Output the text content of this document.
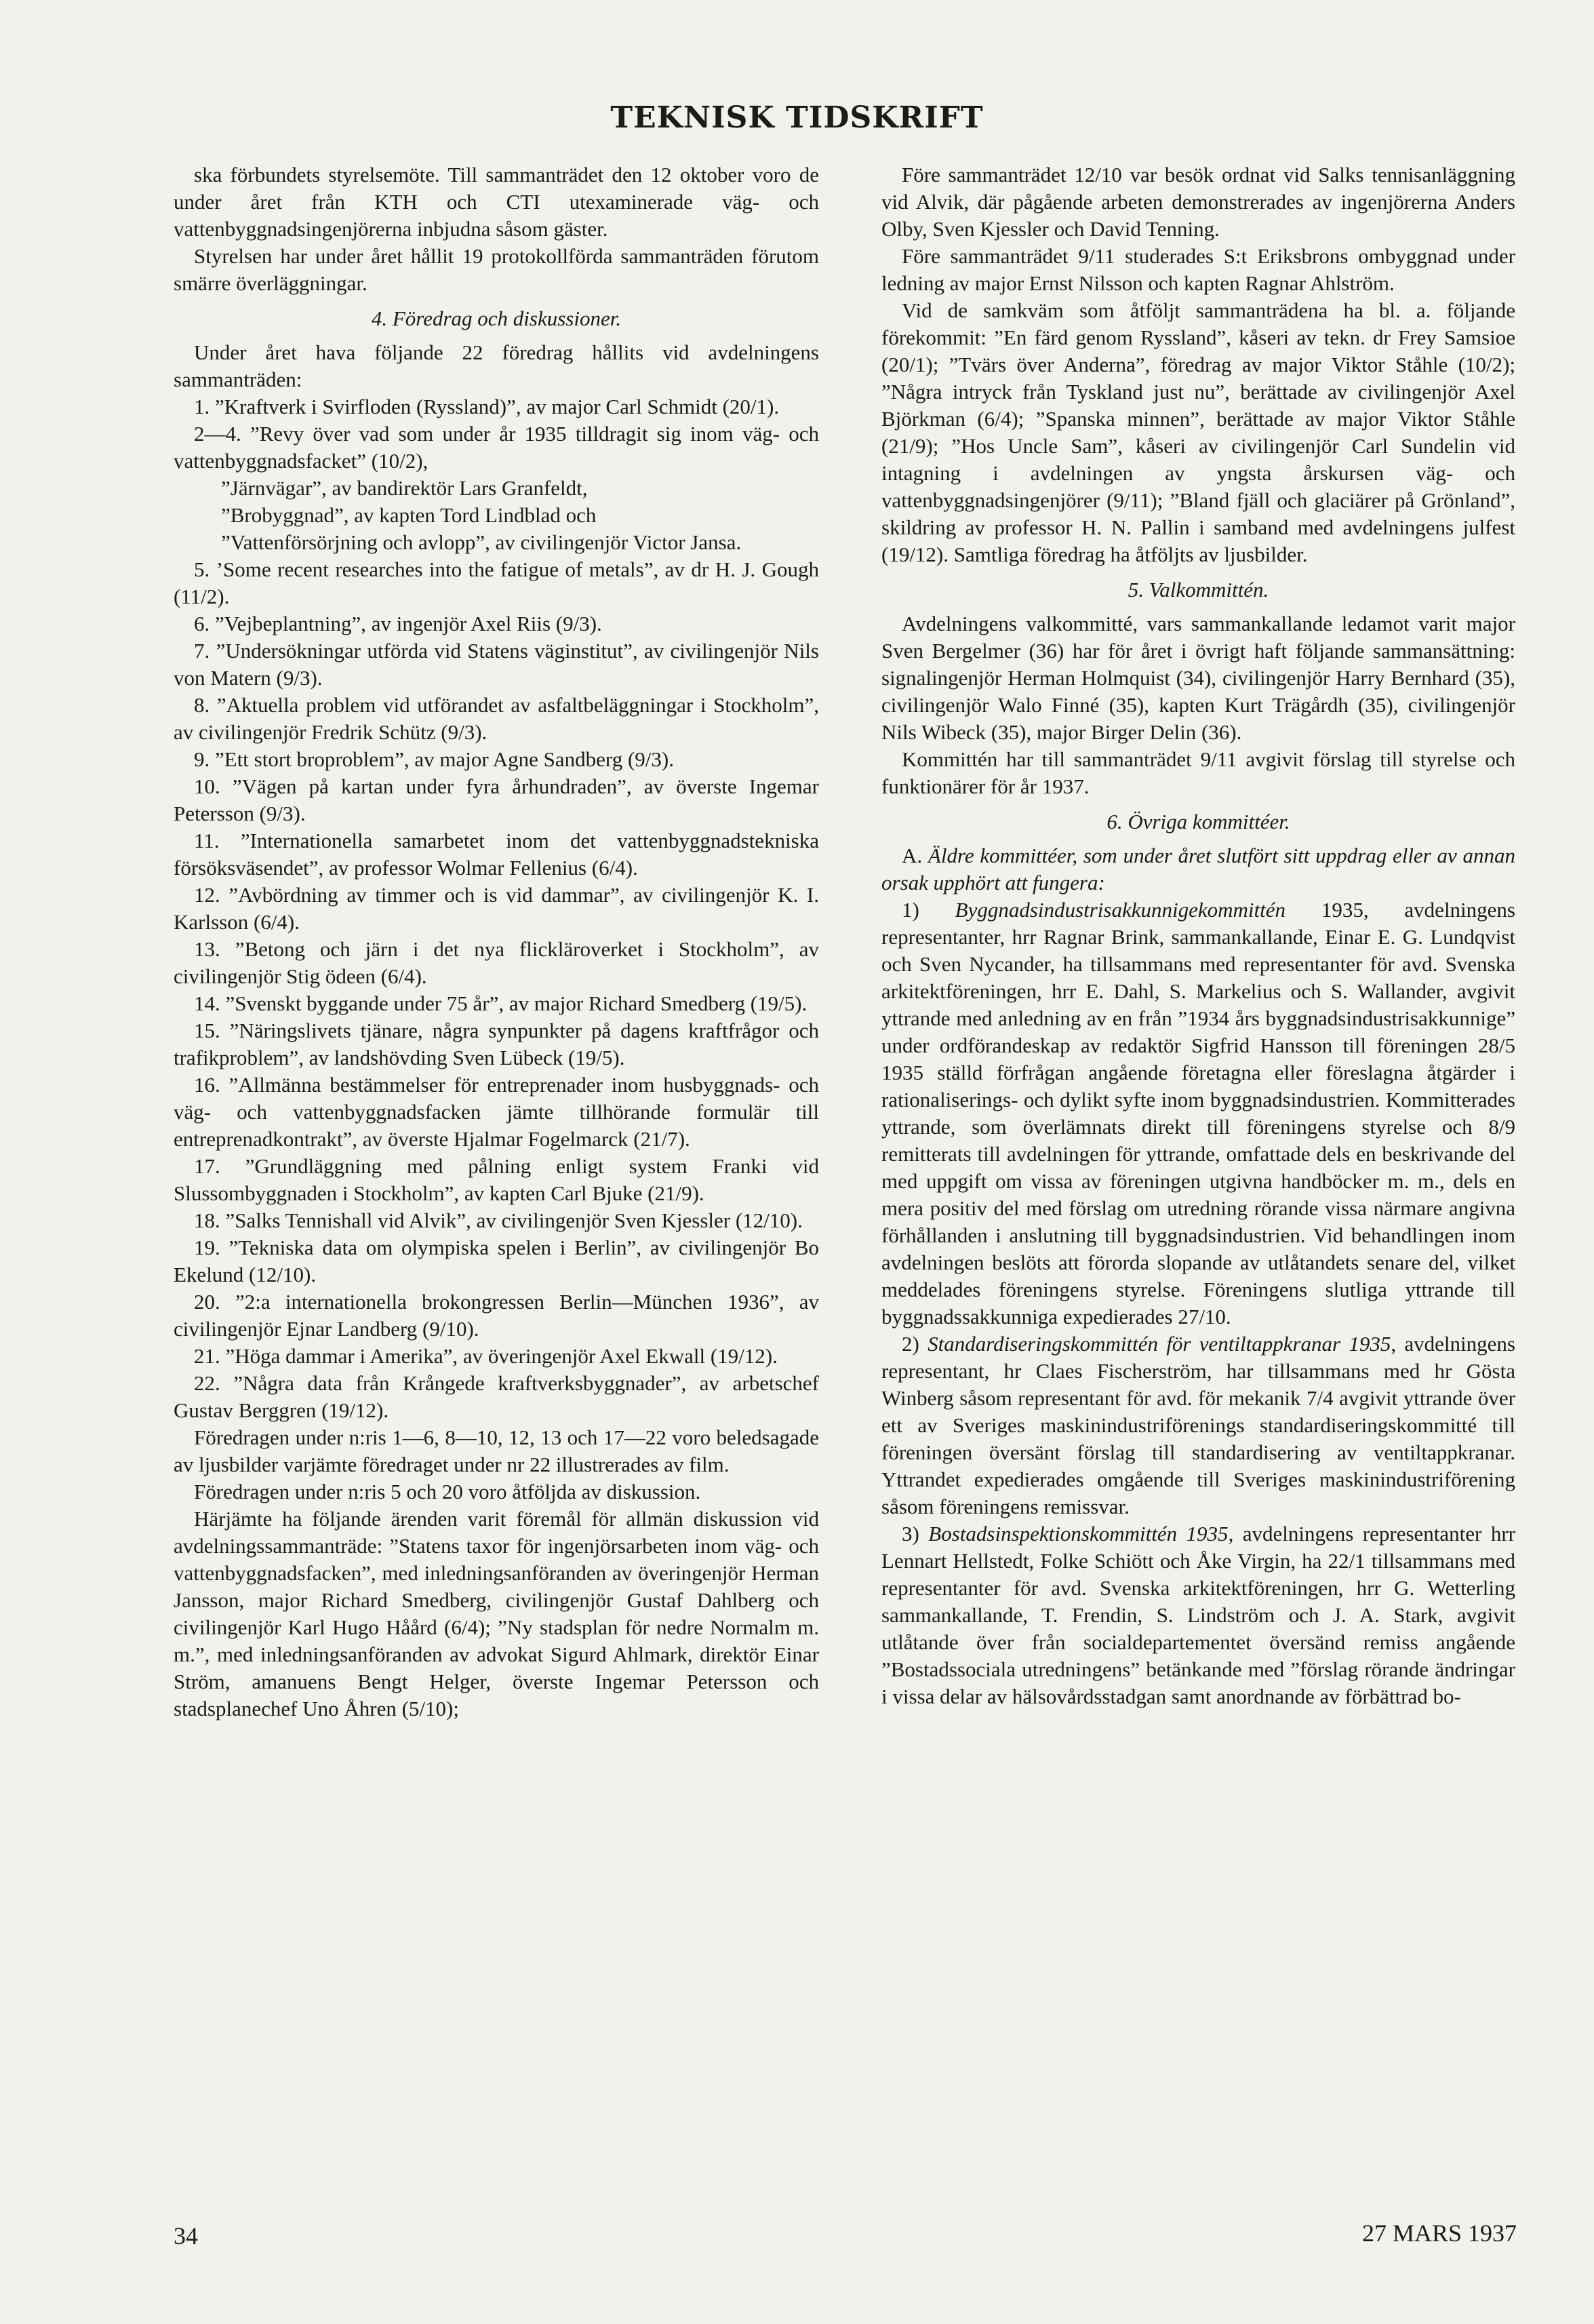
TEKNISK TIDSKRIFT

ska förbundets styrelsemöte. Till sammanträdet den 12 oktober voro de under året från KTH och CTI utexaminerade väg- och vattenbyggnadsingenjörerna inbjudna såsom gäster.

Styrelsen har under året hållit 19 protokollförda sammanträden förutom smärre överläggningar.

4. Föredrag och diskussioner.

Under året hava följande 22 föredrag hållits vid avdelningens sammanträden:

1. ”Kraftverk i Svirfloden (Ryssland)”, av major Carl Schmidt (20/1).

2—4. ”Revy över vad som under år 1935 tilldragit sig inom väg- och vattenbyggnadsfacket” (10/2),

”Järnvägar”, av bandirektör Lars Granfeldt,

”Brobyggnad”, av kapten Tord Lindblad och

”Vattenförsörjning och avlopp”, av civilingenjör Victor Jansa.

5. ’Some recent researches into the fatigue of metals”, av dr H. J. Gough (11/2).

6. ”Vejbeplantning”, av ingenjör Axel Riis (9/3).

7. ”Undersökningar utförda vid Statens väginstitut”, av civilingenjör Nils von Matern (9/3).

8. ”Aktuella problem vid utförandet av asfaltbeläggningar i Stockholm”, av civilingenjör Fredrik Schütz (9/3).

9. ”Ett stort broproblem”, av major Agne Sandberg (9/3).

10. ”Vägen på kartan under fyra århundraden”, av överste Ingemar Petersson (9/3).

11. ”Internationella samarbetet inom det vattenbyggnadstekniska försöksväsendet”, av professor Wolmar Fellenius (6/4).

12. ”Avbördning av timmer och is vid dammar”, av civilingenjör K. I. Karlsson (6/4).

13. ”Betong och järn i det nya flickläroverket i Stockholm”, av civilingenjör Stig ödeen (6/4).

14. ”Svenskt byggande under 75 år”, av major Richard Smedberg (19/5).

15. ”Näringslivets tjänare, några synpunkter på dagens kraftfrågor och trafikproblem”, av landshövding Sven Lübeck (19/5).

16. ”Allmänna bestämmelser för entreprenader inom husbyggnads- och väg- och vattenbyggnadsfacken jämte tillhörande formulär till entreprenadkontrakt”, av överste Hjalmar Fogelmarck (21/7).

17. ”Grundläggning med pålning enligt system Franki vid Slussombyggnaden i Stockholm”, av kapten Carl Bjuke (21/9).

18. ”Salks Tennishall vid Alvik”, av civilingenjör Sven Kjessler (12/10).

19. ”Tekniska data om olympiska spelen i Berlin”, av civilingenjör Bo Ekelund (12/10).

20. ”2:a internationella brokongressen Berlin—München 1936”, av civilingenjör Ejnar Landberg (9/10).

21. ”Höga dammar i Amerika”, av överingenjör Axel Ekwall (19/12).

22. ”Några data från Krångede kraftverksbyggnader”, av arbetschef Gustav Berggren (19/12).

Föredragen under n:ris 1—6, 8—10, 12, 13 och 17—22 voro beledsagade av ljusbilder varjämte föredraget under nr 22 illustrerades av film.

Föredragen under n:ris 5 och 20 voro åtföljda av diskussion.

Härjämte ha följande ärenden varit föremål för allmän diskussion vid avdelningssammanträde: ”Statens taxor för ingenjörsarbeten inom väg- och vattenbyggnadsfacken”, med inledningsanföranden av överingenjör Herman Jansson, major Richard Smedberg, civilingenjör Gustaf Dahlberg och civilingenjör Karl Hugo Håård (6/4); ”Ny stadsplan för nedre Normalm m. m.”, med inledningsanföranden av advokat Sigurd Ahlmark, direktör Einar Ström, amanuens Bengt Helger, överste Ingemar Petersson och stadsplanechef Uno Åhren (5/10);

Före sammanträdet 12/10 var besök ordnat vid Salks tennisanläggning vid Alvik, där pågående arbeten demonstrerades av ingenjörerna Anders Olby, Sven Kjessler och David Tenning.

Före sammanträdet 9/11 studerades S:t Eriksbrons ombyggnad under ledning av major Ernst Nilsson och kapten Ragnar Ahlström.

Vid de samkväm som åtföljt sammanträdena ha bl. a. följande förekommit: ”En färd genom Ryssland”, kåseri av tekn. dr Frey Samsioe (20/1); ”Tvärs över Anderna”, föredrag av major Viktor Ståhle (10/2); ”Några intryck från Tyskland just nu”, berättade av civilingenjör Axel Björkman (6/4); ”Spanska minnen”, berättade av major Viktor Ståhle (21/9); ”Hos Uncle Sam”, kåseri av civilingenjör Carl Sundelin vid intagning i avdelningen av yngsta årskursen väg- och vattenbyggnadsingenjörer (9/11); ”Bland fjäll och glaciärer på Grönland”, skildring av professor H. N. Pallin i samband med avdelningens julfest (19/12). Samtliga föredrag ha åtföljts av ljusbilder.

5. Valkommittén.

Avdelningens valkommitté, vars sammankallande ledamot varit major Sven Bergelmer (36) har för året i övrigt haft följande sammansättning: signalingenjör Herman Holmquist (34), civilingenjör Harry Bernhard (35), civilingenjör Walo Finné (35), kapten Kurt Trägårdh (35), civilingenjör Nils Wibeck (35), major Birger Delin (36).

Kommittén har till sammanträdet 9/11 avgivit förslag till styrelse och funktionärer för år 1937.

6. Övriga kommittéer.

A. Äldre kommittéer, som under året slutfört sitt uppdrag eller av annan orsak upphört att fungera:

1) Byggnadsindustrisakkunnigekommittén 1935, avdelningens representanter, hrr Ragnar Brink, sammankallande, Einar E. G. Lundqvist och Sven Nycander, ha tillsammans med representanter för avd. Svenska arkitektföreningen, hrr E. Dahl, S. Markelius och S. Wallander, avgivit yttrande med anledning av en från ”1934 års byggnadsindustrisakkunnige” under ordförandeskap av redaktör Sigfrid Hansson till föreningen 28/5 1935 ställd förfrågan angående företagna eller föreslagna åtgärder i rationaliserings- och dylikt syfte inom byggnadsindustrien. Kommitterades yttrande, som överlämnats direkt till föreningens styrelse och 8/9 remitterats till avdelningen för yttrande, omfattade dels en beskrivande del med uppgift om vissa av föreningen utgivna handböcker m. m., dels en mera positiv del med förslag om utredning rörande vissa närmare angivna förhållanden i anslutning till byggnadsindustrien. Vid behandlingen inom avdelningen beslöts att förorda slopande av utlåtandets senare del, vilket meddelades föreningens styrelse. Föreningens slutliga yttrande till byggnadssakkunniga expedierades 27/10.

2) Standardiseringskommittén för ventiltappkranar 1935, avdelningens representant, hr Claes Fischerström, har tillsammans med hr Gösta Winberg såsom representant för avd. för mekanik 7/4 avgivit yttrande över ett av Sveriges maskinindustriförenings standardiseringskommitté till föreningen översänt förslag till standardisering av ventiltappkranar. Yttrandet expedierades omgående till Sveriges maskinindustriförening såsom föreningens remissvar.

3) Bostadsinspektionskommittén 1935, avdelningens representanter hrr Lennart Hellstedt, Folke Schiött och Åke Virgin, ha 22/1 tillsammans med representanter för avd. Svenska arkitektföreningen, hrr G. Wetterling sammankallande, T. Frendin, S. Lindström och J. A. Stark, avgivit utlåtande över från socialdepartementet översänd remiss angående ”Bostadssociala utredningens” betänkande med ”förslag rörande ändringar i vissa delar av hälsovårdsstadgan samt anordnande av förbättrad bo-

34	27 MARS 1937
